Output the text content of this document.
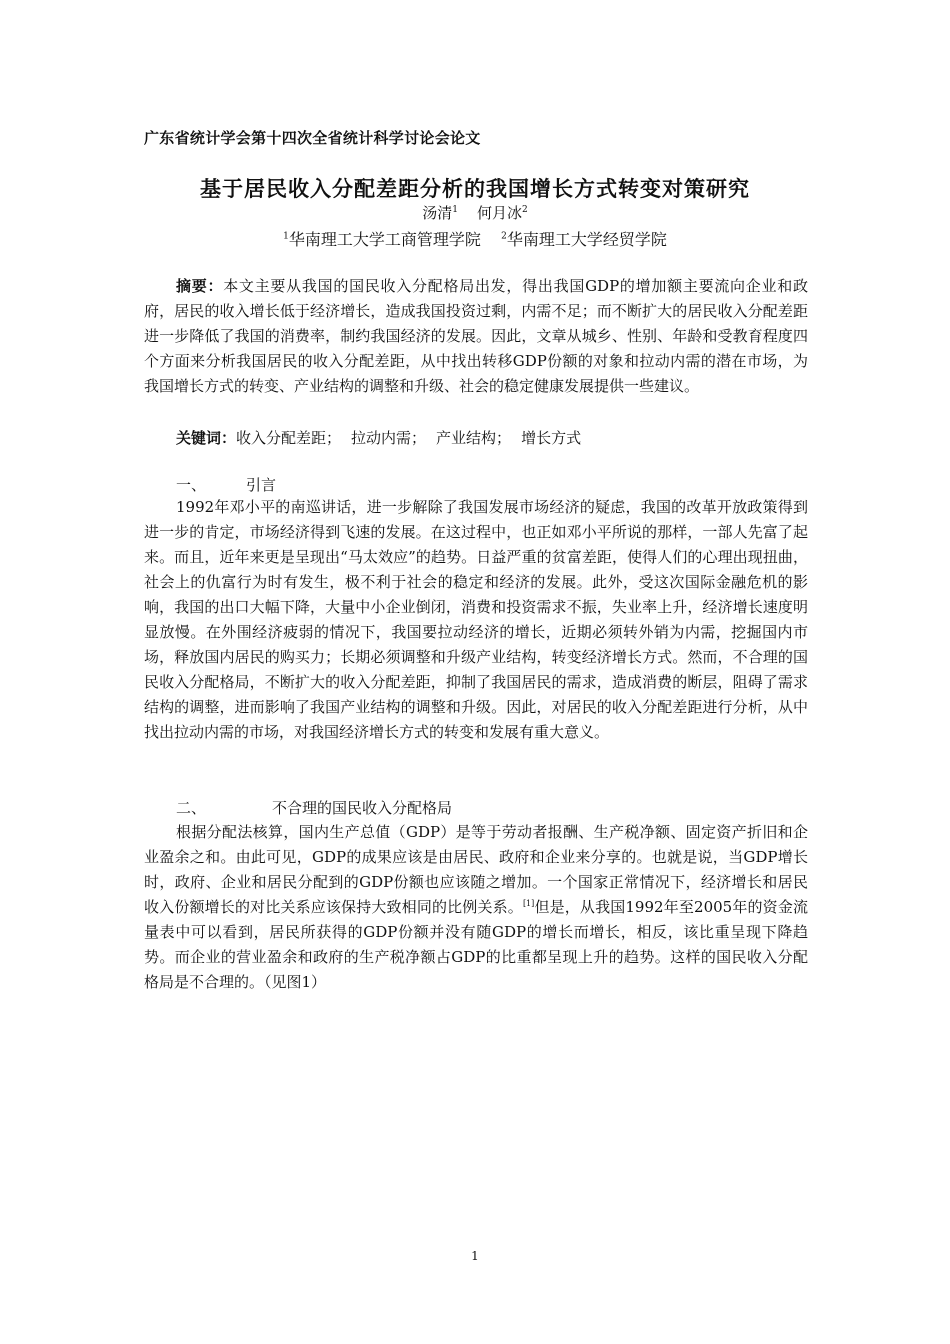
广东省统计学会第十四次全省统计科学讨论会论文
基于居民收入分配差距分析的我国增长方式转变对策研究
汤清$^1$ 何月冰$^2$
$^1$华南理工大学工商管理学院 $^2$华南理工大学经贸学院

摘要：本文主要从我国的国民收入分配格局出发，得出我国GDP的增加额主要流向企业和政府，居民的收入增长低于经济增长，造成我国投资过剩，内需不足；而不断扩大的居民收入分配差距进一步降低了我国的消费率，制约我国经济的发展。因此，文章从城乡、性别、年龄和受教育程度四个方面来分析我国居民的收入分配差距，从中找出转移GDP份额的对象和拉动内需的潜在市场，为我国增长方式的转变、产业结构的调整和升级、社会的稳定健康发展提供一些建议。

关键词：收入分配差距； 拉动内需； 产业结构； 增长方式

一、	引言

1992年邓小平的南巡讲话，进一步解除了我国发展市场经济的疑虑，我国的改革开放政策得到进一步的肯定，市场经济得到飞速的发展。在这过程中，也正如邓小平所说的那样，一部人先富了起来。而且，近年来更是呈现出“马太效应”的趋势。日益严重的贫富差距，使得人们的心理出现扭曲，社会上的仇富行为时有发生，极不利于社会的稳定和经济的发展。此外，受这次国际金融危机的影响，我国的出口大幅下降，大量中小企业倒闭，消费和投资需求不振，失业率上升，经济增长速度明显放慢。在外围经济疲弱的情况下，我国要拉动经济的增长，近期必须转外销为内需，挖掘国内市场，释放国内居民的购买力；长期必须调整和升级产业结构，转变经济增长方式。然而，不合理的国民收入分配格局，不断扩大的收入分配差距，抑制了我国居民的需求，造成消费的断层，阻碍了需求结构的调整，进而影响了我国产业结构的调整和升级。因此，对居民的收入分配差距进行分析，从中找出拉动内需的市场，对我国经济增长方式的转变和发展有重大意义。

二、	不合理的国民收入分配格局

根据分配法核算，国内生产总值（GDP）是等于劳动者报酬、生产税净额、固定资产折旧和企业盈余之和。由此可见，GDP的成果应该是由居民、政府和企业来分享的。也就是说，当GDP增长时，政府、企业和居民分配到的GDP份额也应该随之增加。一个国家正常情况下，经济增长和居民收入份额增长的对比关系应该保持大致相同的比例关系。[1]但是，从我国1992年至2005年的资金流量表中可以看到，居民所获得的GDP份额并没有随GDP的增长而增长，相反，该比重呈现下降趋势。而企业的营业盈余和政府的生产税净额占GDP的比重都呈现上升的趋势。这样的国民收入分配格局是不合理的。（见图1）

1
